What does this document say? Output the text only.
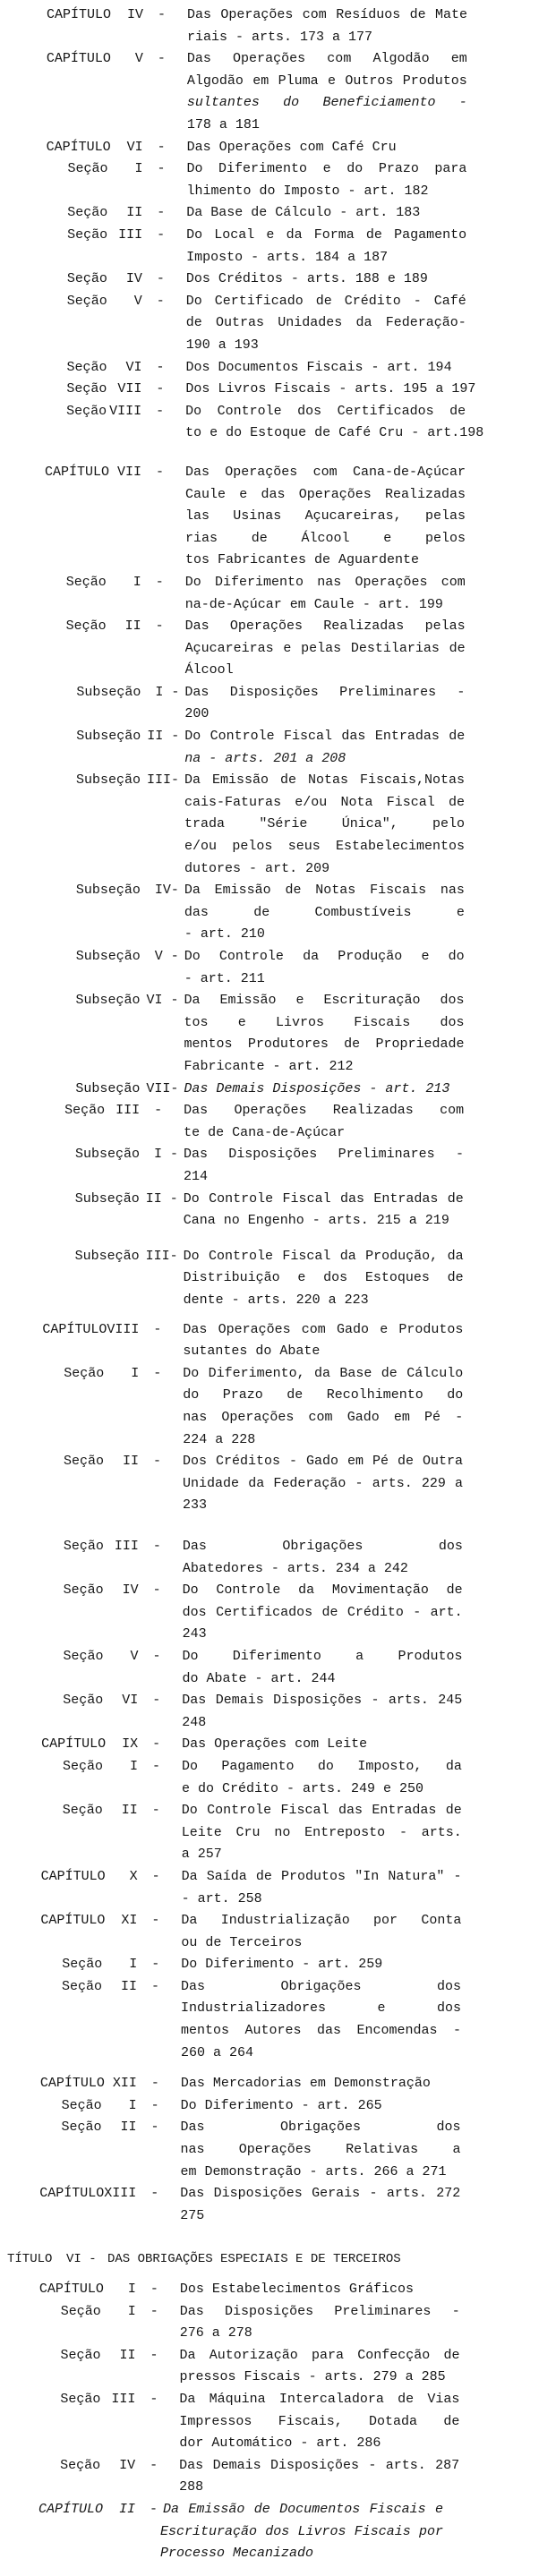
CAPÍTULO IV - Das Operações com Resíduos de Mate
riais - arts. 173 a 177
CAPÍTULO V - Das Operações com Algodão em
Algodão em Pluma e Outros Produtos
sultantes do Beneficiamento -
178 a 181
CAPÍTULO VI - Das Operações com Café Cru
Seção I - Do Diferimento e do Prazo para
lhimento do Imposto - art. 182
Seção II - Da Base de Cálculo - art. 183
Seção III - Do Local e da Forma de Pagamento
Imposto - arts. 184 a 187
Seção IV - Dos Créditos - arts. 188 e 189
Seção V - Do Certificado de Crédito - Café
de Outras Unidades da Federação-
190 a 193
Seção VI - Dos Documentos Fiscais - art. 194
Seção VII - Dos Livros Fiscais - arts. 195 a 197
Seção VIII - Do Controle dos Certificados de
to e do Estoque de Café Cru - art.198
CAPÍTULO VII - Das Operações com Cana-de-Açúcar
Caule e das Operações Realizadas
las Usinas Açucareiras, pelas
rias de Álcool e pelos
tos Fabricantes de Aguardente
Seção I - Do Diferimento nas Operações com
na-de-Açúcar em Caule - art. 199
Seção II - Das Operações Realizadas pelas
Açucareiras e pelas Destilarias de
Álcool
Subseção I - Das Disposições Preliminares -
200
Subseção II - Do Controle Fiscal das Entradas de
na - arts. 201 a 208
Subseção III- Da Emissão de Notas Fiscais,Notas
cais-Faturas e/ou Nota Fiscal de
trada "Série Única", pelo
e/ou pelos seus Estabelecimentos
dutores - art. 209
Subseção IV- Da Emissão de Notas Fiscais nas
das de Combustíveis e
- art. 210
Subseção V - Do Controle da Produção e do
- art. 211
Subseção VI - Da Emissão e Escrituração dos
tos e Livros Fiscais dos
mentos Produtores de Propriedade
Fabricante - art. 212
Subseção VII- Das Demais Disposições - art. 213
Seção III - Das Operações Realizadas com
te de Cana-de-Açúcar
Subseção I - Das Disposições Preliminares -
214
Subseção II - Do Controle Fiscal das Entradas de
Cana no Engenho - arts. 215 a 219
Subseção III- Do Controle Fiscal da Produção, da
Distribuição e dos Estoques de
dente - arts. 220 a 223
CAPÍTULO VIII - Das Operações com Gado e Produtos
sutantes do Abate
Seção I - Do Diferimento, da Base de Cálculo
do Prazo de Recolhimento do
nas Operações com Gado em Pé -
224 a 228
Seção II - Dos Créditos - Gado em Pé de Outra
Unidade da Federação - arts. 229 a
233
Seção III - Das Obrigações dos
Abatedores - arts. 234 a 242
Seção IV - Do Controle da Movimentação de
dos Certificados de Crédito - art.
243
Seção V - Do Diferimento a Produtos
do Abate - art. 244
Seção VI - Das Demais Disposições - arts. 245
248
CAPÍTULO IX - Das Operações com Leite
Seção I - Do Pagamento do Imposto, da
e do Crédito - arts. 249 e 250
Seção II - Do Controle Fiscal das Entradas de
Leite Cru no Entreposto - arts.
a 257
CAPÍTULO X - Da Saída de Produtos "In Natura" -
- art. 258
CAPÍTULO XI - Da Industrialização por Conta
ou de Terceiros
Seção I - Do Diferimento - art. 259
Seção II - Das Obrigações dos
Industrializadores e dos
mentos Autores das Encomendas -
260 a 264
CAPÍTULO XII - Das Mercadorias em Demonstração
Seção I - Do Diferimento - art. 265
Seção II - Das Obrigações dos
nas Operações Relativas a
em Demonstração - arts. 266 a 271
CAPÍTULO XIII - Das Disposições Gerais - arts. 272
275
TÍTULO VI - DAS OBRIGAÇÕES ESPECIAIS E DE TERCEIROS
CAPÍTULO I - Dos Estabelecimentos Gráficos
Seção I - Das Disposições Preliminares -
276 a 278
Seção II - Da Autorização para Confecção de
pressos Fiscais - arts. 279 a 285
Seção III - Da Máquina Intercaladora de Vias
Impressos Fiscais, Dotada de
dor Automático - art. 286
Seção IV - Das Demais Disposições - arts. 287
288
CAPÍTULO II - Da Emissão de Documentos Fiscais e
Escrituração dos Livros Fiscais por
Processo Mecanizado
